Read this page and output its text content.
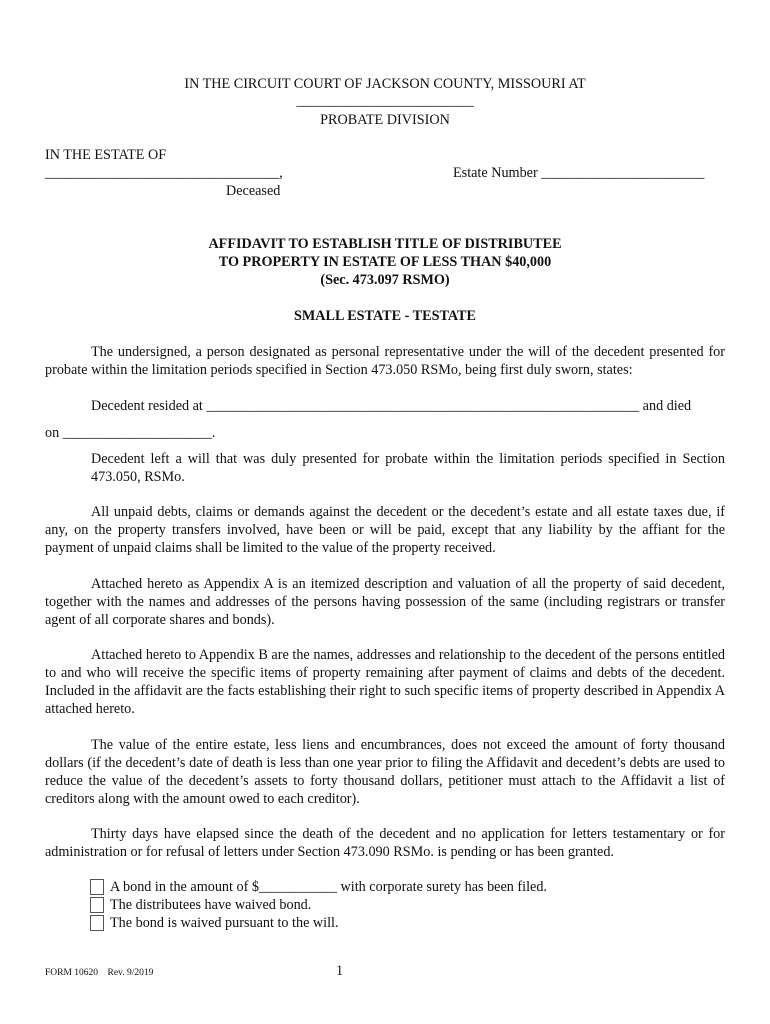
IN THE CIRCUIT COURT OF JACKSON COUNTY, MISSOURI AT
_________________________
PROBATE DIVISION
IN THE ESTATE OF
_________________________________,
Deceased
Estate Number _______________________
AFFIDAVIT TO ESTABLISH TITLE OF DISTRIBUTEE
TO PROPERTY IN ESTATE OF LESS THAN $40,000
(Sec. 473.097 RSMO)
SMALL ESTATE - TESTATE
The undersigned, a person designated as personal representative under the will of the decedent presented for probate within the limitation periods specified in Section 473.050 RSMo, being first duly sworn, states:
Decedent resided at _____________________________________________________________ and died
on _____________________.
Decedent left a will that was duly presented for probate within the limitation periods specified in Section 473.050, RSMo.
All unpaid debts, claims or demands against the decedent or the decedent’s estate and all estate taxes due, if any, on the property transfers involved, have been or will be paid, except that any liability by the affiant for the payment of unpaid claims shall be limited to the value of the property received.
Attached hereto as Appendix A is an itemized description and valuation of all the property of said decedent, together with the names and addresses of the persons having possession of the same (including registrars or transfer agent of all corporate shares and bonds).
Attached hereto to Appendix B are the names, addresses and relationship to the decedent of the persons entitled to and who will receive the specific items of property remaining after payment of claims and debts of the decedent. Included in the affidavit are the facts establishing their right to such specific items of property described in Appendix A attached hereto.
The value of the entire estate, less liens and encumbrances, does not exceed the amount of forty thousand dollars (if the decedent’s date of death is less than one year prior to filing the Affidavit and decedent’s debts are used to reduce the value of the decedent’s assets to forty thousand dollars, petitioner must attach to the Affidavit a list of creditors along with the amount owed to each creditor).
Thirty days have elapsed since the death of the decedent and no application for letters testamentary or for administration or for refusal of letters under Section 473.090 RSMo. is pending or has been granted.
A bond in the amount of $___________ with corporate surety has been filed.
The distributees have waived bond.
The bond is waived pursuant to the will.
FORM 10620    Rev. 9/2019	1
